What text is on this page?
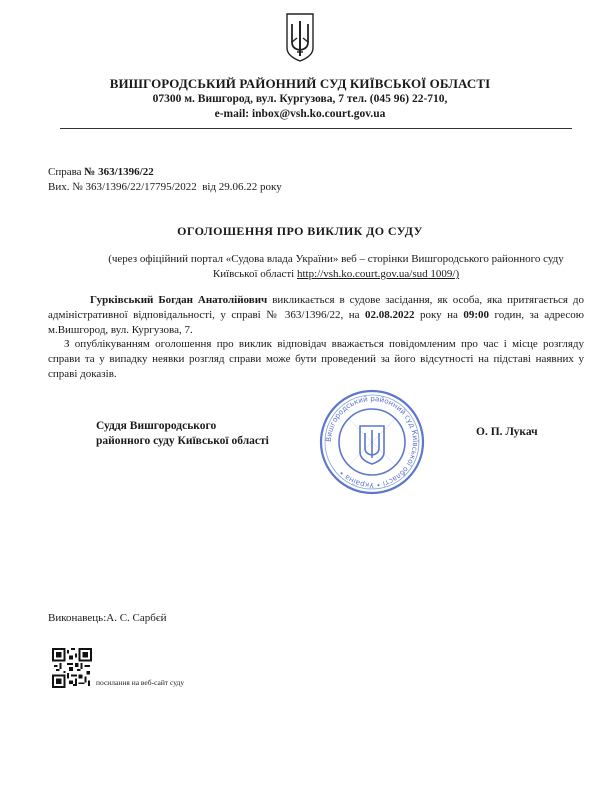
ВИШГОРОДСЬКИЙ РАЙОННИЙ СУД КИЇВСЬКОЇ ОБЛАСТІ
07300 м. Вишгород, вул. Кургузова, 7 тел. (045 96) 22-710,
e-mail: inbox@vsh.ko.court.gov.ua
Справа № 363/1396/22
Вих. № 363/1396/22/17795/2022 від 29.06.22 року
ОГОЛОШЕННЯ ПРО ВИКЛИК ДО СУДУ
(через офіційний портал «Судова влада України» веб – сторінки Вишгородського районного суду Київської області http://vsh.ko.court.gov.ua/sud 1009/)
Гурківський Богдан Анатолійович викликається в судове засідання, як особа, яка притягається до адміністративної відповідальності, у справі № 363/1396/22, на 02.08.2022 року на 09:00 годин, за адресою м.Вишгород, вул. Кургузова, 7.
З опублікуванням оголошення про виклик відповідач вважається повідомленим про час і місце розгляду справи та у випадку неявки розгляд справи може бути проведений за його відсутності на підставі наявних у справі доказів.
Суддя Вишгородського
районного суду Київської області	Вишгородський районний суд Київської області • Україна •
О. П. Лукач
Виконавець:А. С. Сарбєй
посилання на веб-сайт суду
